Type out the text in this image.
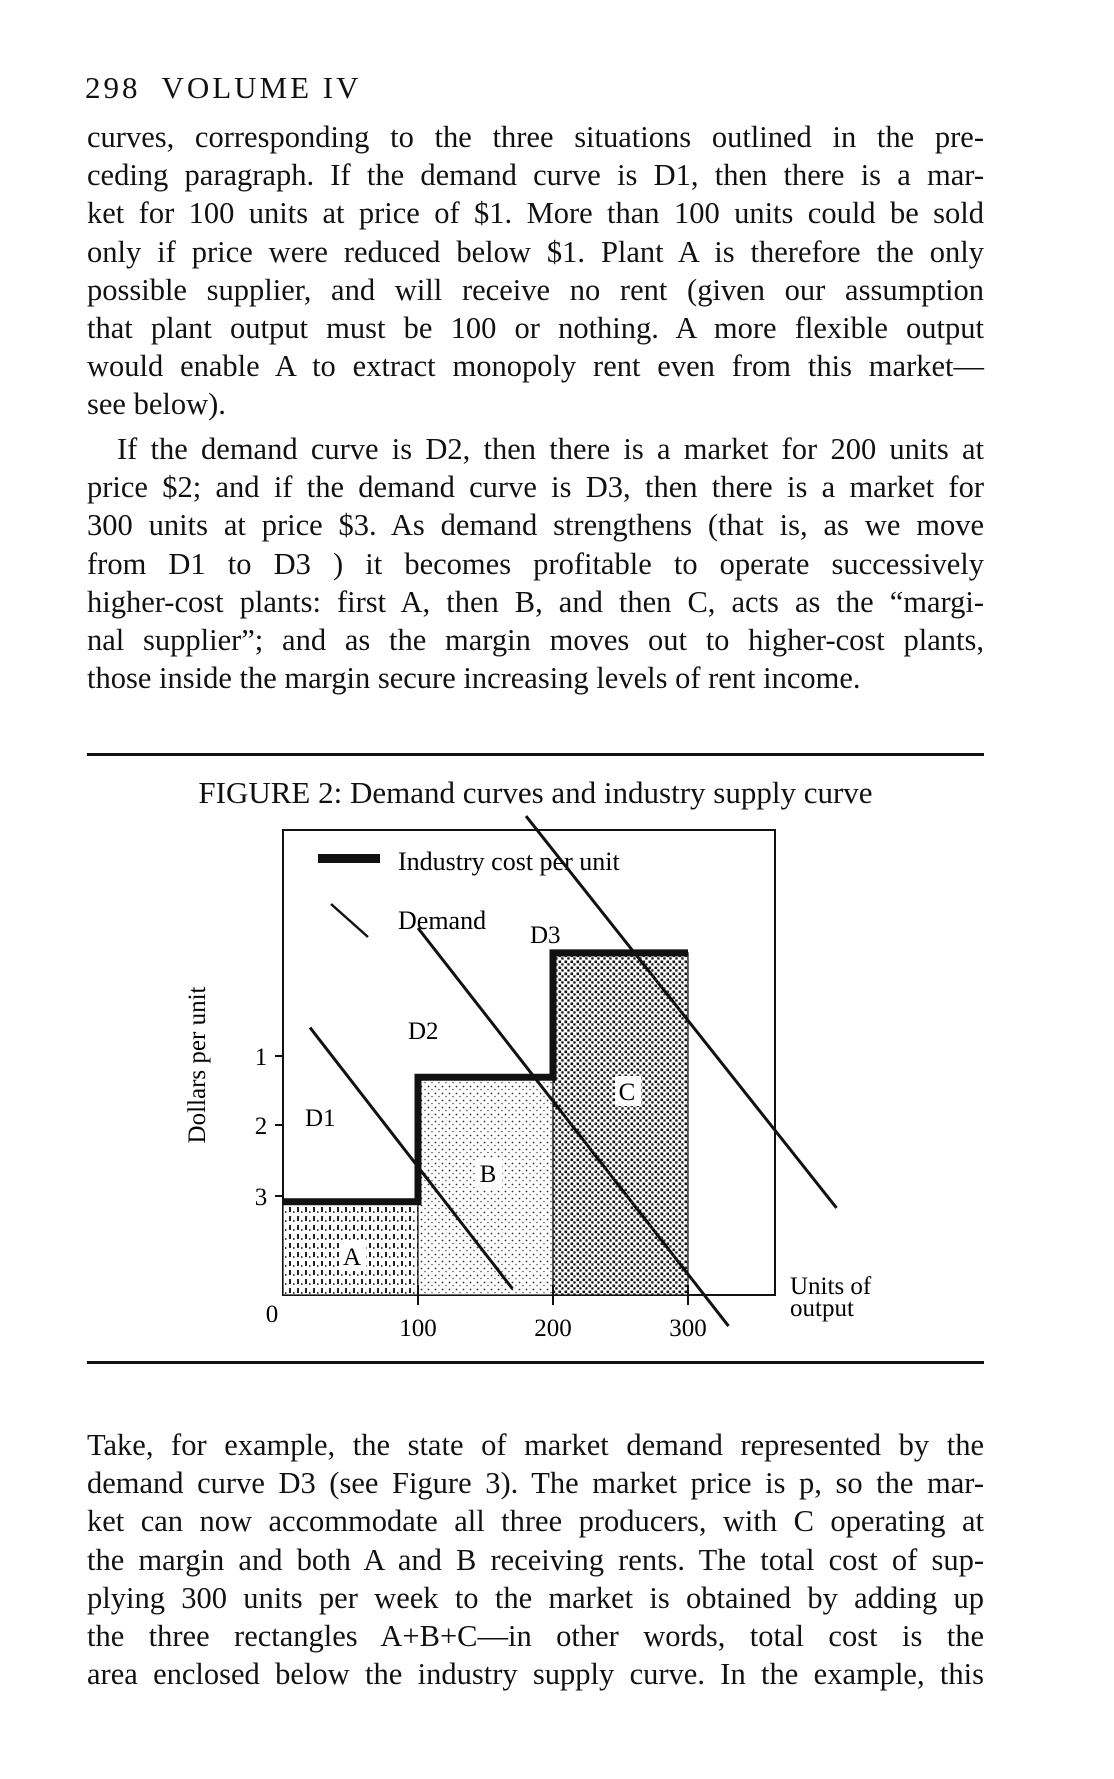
298 VOLUME IV
curves, corresponding to the three situations outlined in the pre-
ceding paragraph. If the demand curve is D1, then there is a mar-
ket for 100 units at price of $1. More than 100 units could be sold
only if price were reduced below $1. Plant A is therefore the only
possible supplier, and will receive no rent (given our assumption
that plant output must be 100 or nothing. A more flexible output
would enable A to extract monopoly rent even from this market—
see below).
If the demand curve is D2, then there is a market for 200 units at
price $2; and if the demand curve is D3, then there is a market for
300 units at price $3. As demand strengthens (that is, as we move
from D1 to D3 ) it becomes profitable to operate successively
higher-cost plants: first A, then B, and then C, acts as the “margi-
nal supplier”; and as the margin moves out to higher-cost plants,
those inside the margin secure increasing levels of rent income.
FIGURE 2: Demand curves and industry supply curve
Industry cost per unit
Demand
1
2
3
100	200	300
D1
D2
D3
A
B
C
Dollars per unit
Units of
output
0
Take, for example, the state of market demand represented by the
demand curve D3 (see Figure 3). The market price is p, so the mar-
ket can now accommodate all three producers, with C operating at
the margin and both A and B receiving rents. The total cost of sup-
plying 300 units per week to the market is obtained by adding up
the three rectangles A+B+C—in other words, total cost is the
area enclosed below the industry supply curve. In the example, this
